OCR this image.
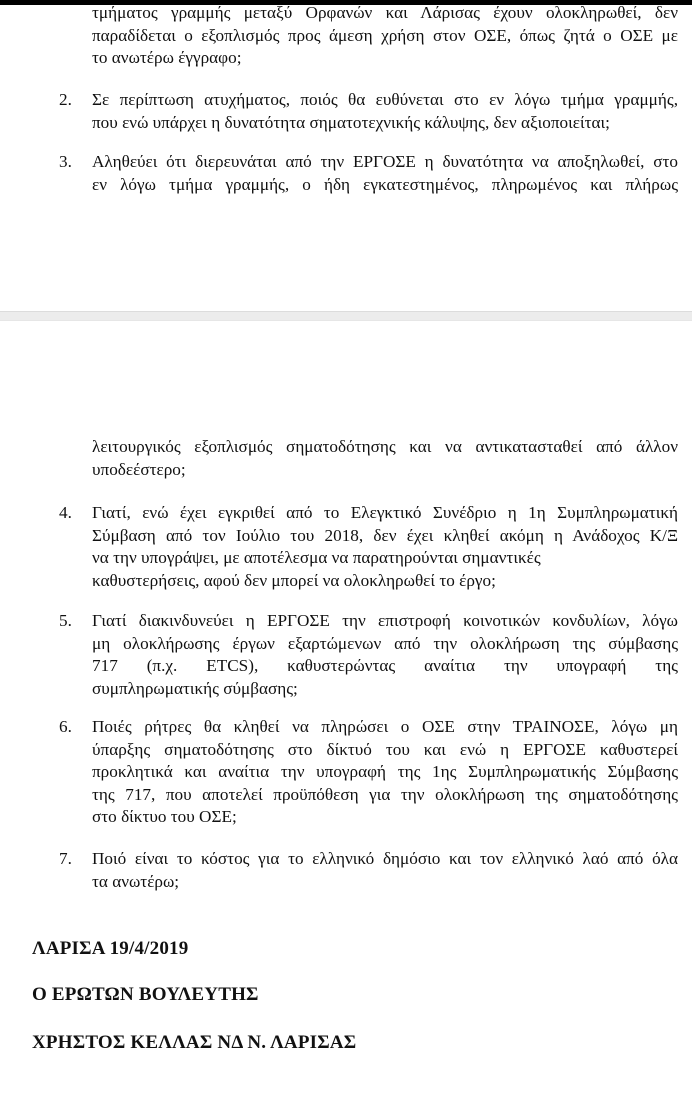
τμήματος γραμμής μεταξύ Ορφανών και Λάρισας έχουν ολοκληρωθεί, δεν
παραδίδεται ο εξοπλισμός προς άμεση χρήση στον ΟΣΕ, όπως ζητά ο ΟΣΕ με
το ανωτέρω έγγραφο;
2. Σε περίπτωση ατυχήματος, ποιός θα ευθύνεται στο εν λόγω τμήμα γραμμής,
που ενώ υπάρχει η δυνατότητα σηματοτεχνικής κάλυψης, δεν αξιοποιείται;
3. Αληθεύει ότι διερευνάται από την ΕΡΓΟΣΕ η δυνατότητα να αποξηλωθεί, στο
εν λόγω τμήμα γραμμής, ο ήδη εγκατεστημένος, πληρωμένος και πλήρως
λειτουργικός εξοπλισμός σηματοδότησης και να αντικατασταθεί από άλλον
υποδεέστερο;
4. Γιατί, ενώ έχει εγκριθεί από το Ελεγκτικό Συνέδριο η 1η Συμπληρωματική
Σύμβαση από τον Ιούλιο του 2018, δεν έχει κληθεί ακόμη η Ανάδοχος Κ/Ξ
να την υπογράψει, με αποτέλεσμα να παρατηρούνται σημαντικές
καθυστερήσεις, αφού δεν μπορεί να ολοκληρωθεί το έργο;
5. Γιατί διακινδυνεύει η ΕΡΓΟΣΕ την επιστροφή κοινοτικών κονδυλίων, λόγω
μη ολοκλήρωσης έργων εξαρτώμενων από την ολοκλήρωση της σύμβασης
717 (π.χ. ETCS), καθυστερώντας αναίτια την υπογραφή της
συμπληρωματικής σύμβασης;
6. Ποιές ρήτρες θα κληθεί να πληρώσει ο ΟΣΕ στην ΤΡΑΙΝΟΣΕ, λόγω μη
ύπαρξης σηματοδότησης στο δίκτυό του και ενώ η ΕΡΓΟΣΕ καθυστερεί
προκλητικά και αναίτια την υπογραφή της 1ης Συμπληρωματικής Σύμβασης
της 717, που αποτελεί προϋπόθεση για την ολοκλήρωση της σηματοδότησης
στο δίκτυο του ΟΣΕ;
7. Ποιό είναι το κόστος για το ελληνικό δημόσιο και τον ελληνικό λαό από όλα
τα ανωτέρω;
ΛΑΡΙΣΑ 19/4/2019
Ο ΕΡΩΤΩΝ ΒΟΥΛΕΥΤΗΣ
ΧΡΗΣΤΟΣ ΚΕΛΛΑΣ ΝΔ Ν. ΛΑΡΙΣΑΣ
